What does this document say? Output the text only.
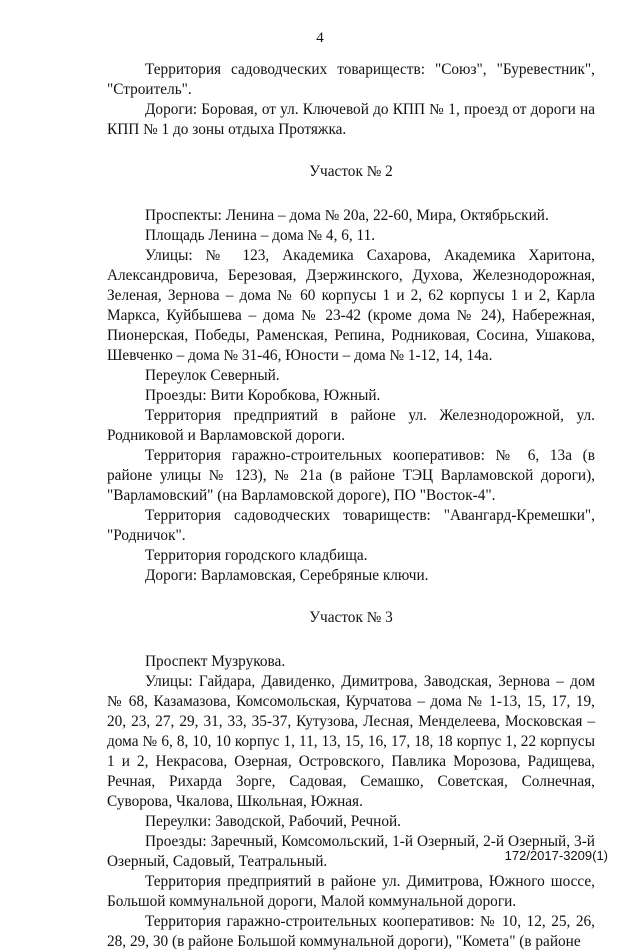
4

Территория садоводческих товариществ: "Союз", "Буревестник", "Строитель".

Дороги: Боровая, от ул. Ключевой до КПП № 1, проезд от дороги на КПП № 1 до зоны отдыха Протяжка.

Участок № 2

Проспекты: Ленина – дома № 20а, 22-60, Мира, Октябрьский.

Площадь Ленина – дома № 4, 6, 11.

Улицы: № 123, Академика Сахарова, Академика Харитона, Александровича, Березовая, Дзержинского, Духова, Железнодорожная, Зеленая, Зернова – дома № 60 корпусы 1 и 2, 62 корпусы 1 и 2, Карла Маркса, Куйбышева – дома № 23-42 (кроме дома № 24), Набережная, Пионерская, Победы, Раменская, Репина, Родниковая, Сосина, Ушакова, Шевченко – дома № 31-46, Юности – дома № 1-12, 14, 14а.

Переулок Северный.

Проезды: Вити Коробкова, Южный.

Территория предприятий в районе ул. Железнодорожной, ул. Родниковой и Варламовской дороги.

Территория гаражно-строительных кооперативов: № 6, 13а (в районе улицы № 123), № 21а (в районе ТЭЦ Варламовской дороги), "Варламовский" (на Варламовской дороге), ПО "Восток-4".

Территория садоводческих товариществ: "Авангард-Кремешки", "Родничок".

Территория городского кладбища.

Дороги: Варламовская, Серебряные ключи.

Участок № 3

Проспект Музрукова.

Улицы: Гайдара, Давиденко, Димитрова, Заводская, Зернова – дом № 68, Казамазова, Комсомольская, Курчатова – дома № 1-13, 15, 17, 19, 20, 23, 27, 29, 31, 33, 35-37, Кутузова, Лесная, Менделеева, Московская – дома № 6, 8, 10, 10 корпус 1, 11, 13, 15, 16, 17, 18, 18 корпус 1, 22 корпусы 1 и 2, Некрасова, Озерная, Островского, Павлика Морозова, Радищева, Речная, Рихарда Зорге, Садовая, Семашко, Советская, Солнечная, Суворова, Чкалова, Школьная, Южная.

Переулки: Заводской, Рабочий, Речной.

Проезды: Заречный, Комсомольский, 1-й Озерный, 2-й Озерный, 3-й Озерный, Садовый, Театральный.

Территория предприятий в районе ул. Димитрова, Южного шоссе, Большой коммунальной дороги, Малой коммунальной дороги.

Территория гаражно-строительных кооперативов: № 10, 12, 25, 26, 28, 29, 30 (в районе Большой коммунальной дороги), "Комета" (в районе

172/2017-3209(1)
